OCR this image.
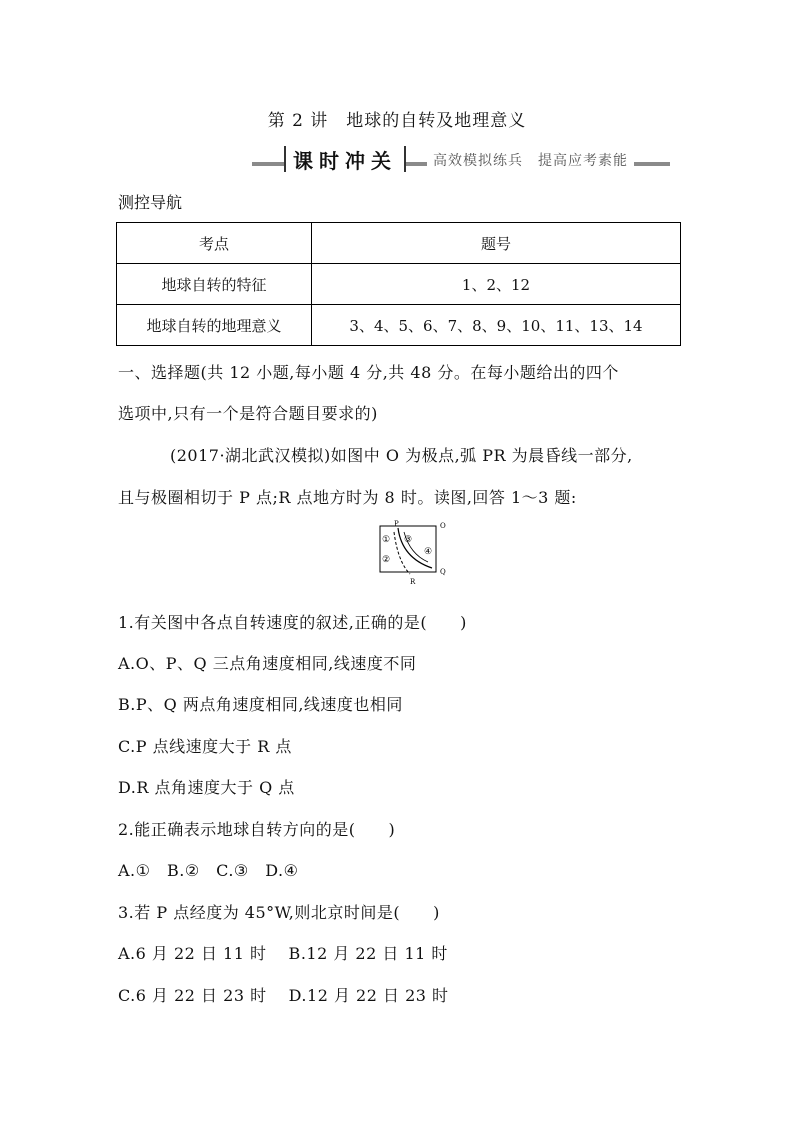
第 2 讲　地球的自转及地理意义
课时冲关	高效模拟练兵　提高应考素能
测控导航
考点	题号
地球自转的特征	1、2、12
地球自转的地理意义	3、4、5、6、7、8、9、10、11、13、14
一、选择题(共 12 小题,每小题 4 分,共 48 分。在每小题给出的四个
选项中,只有一个是符合题目要求的)
(2017·湖北武汉模拟)如图中 O 为极点,弧 PR 为晨昏线一部分,
且与极圈相切于 P 点;R 点地方时为 8 时。读图,回答 1～3 题:
P	O
Q
R
①
②
③
④
1.有关图中各点自转速度的叙述,正确的是(　　)
A.O、P、Q 三点角速度相同,线速度不同
B.P、Q 两点角速度相同,线速度也相同
C.P 点线速度大于 R 点
D.R 点角速度大于 Q 点
2.能正确表示地球自转方向的是(　　)
A.①　B.②　C.③　D.④
3.若 P 点经度为 45°W,则北京时间是(　　)
A.6 月 22 日 11 时　 B.12 月 22 日 11 时
C.6 月 22 日 23 时　 D.12 月 22 日 23 时
